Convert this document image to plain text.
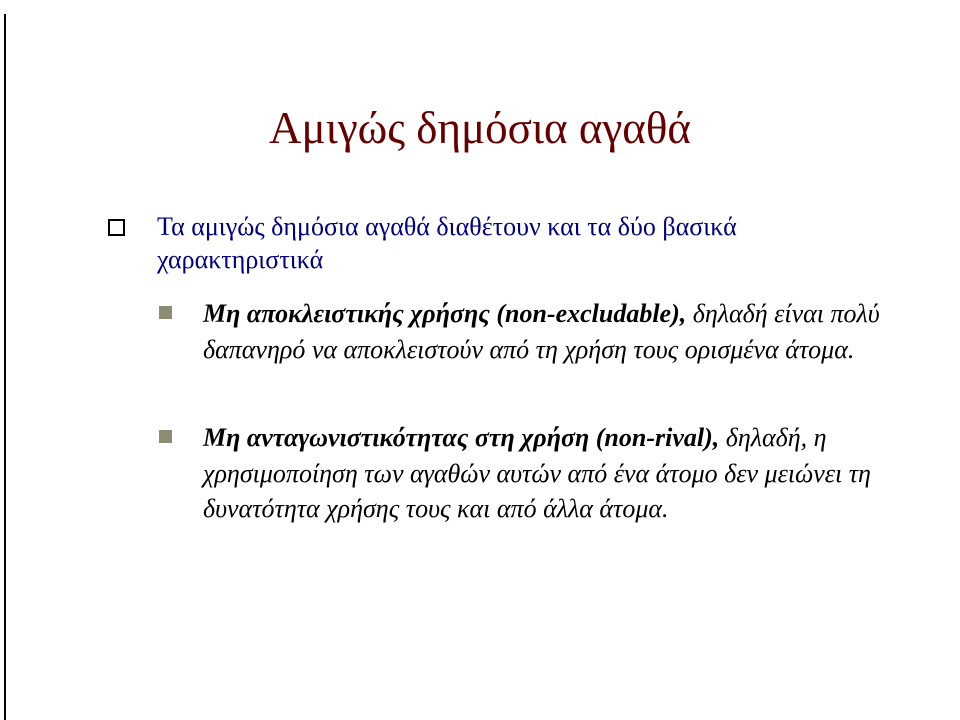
Αμιγώς δημόσια αγαθά

Τα αμιγώς δημόσια αγαθά διαθέτουν και τα δύο βασικά χαρακτηριστικά

Μη αποκλειστικής χρήσης (non-excludable), δηλαδή είναι πολύ δαπανηρό να αποκλειστούν από τη χρήση τους ορισμένα άτομα.

Μη ανταγωνιστικότητας στη χρήση (non-rival), δηλαδή, η χρησιμοποίηση των αγαθών αυτών από ένα άτομο δεν μειώνει τη δυνατότητα χρήσης τους και από άλλα άτομα.
